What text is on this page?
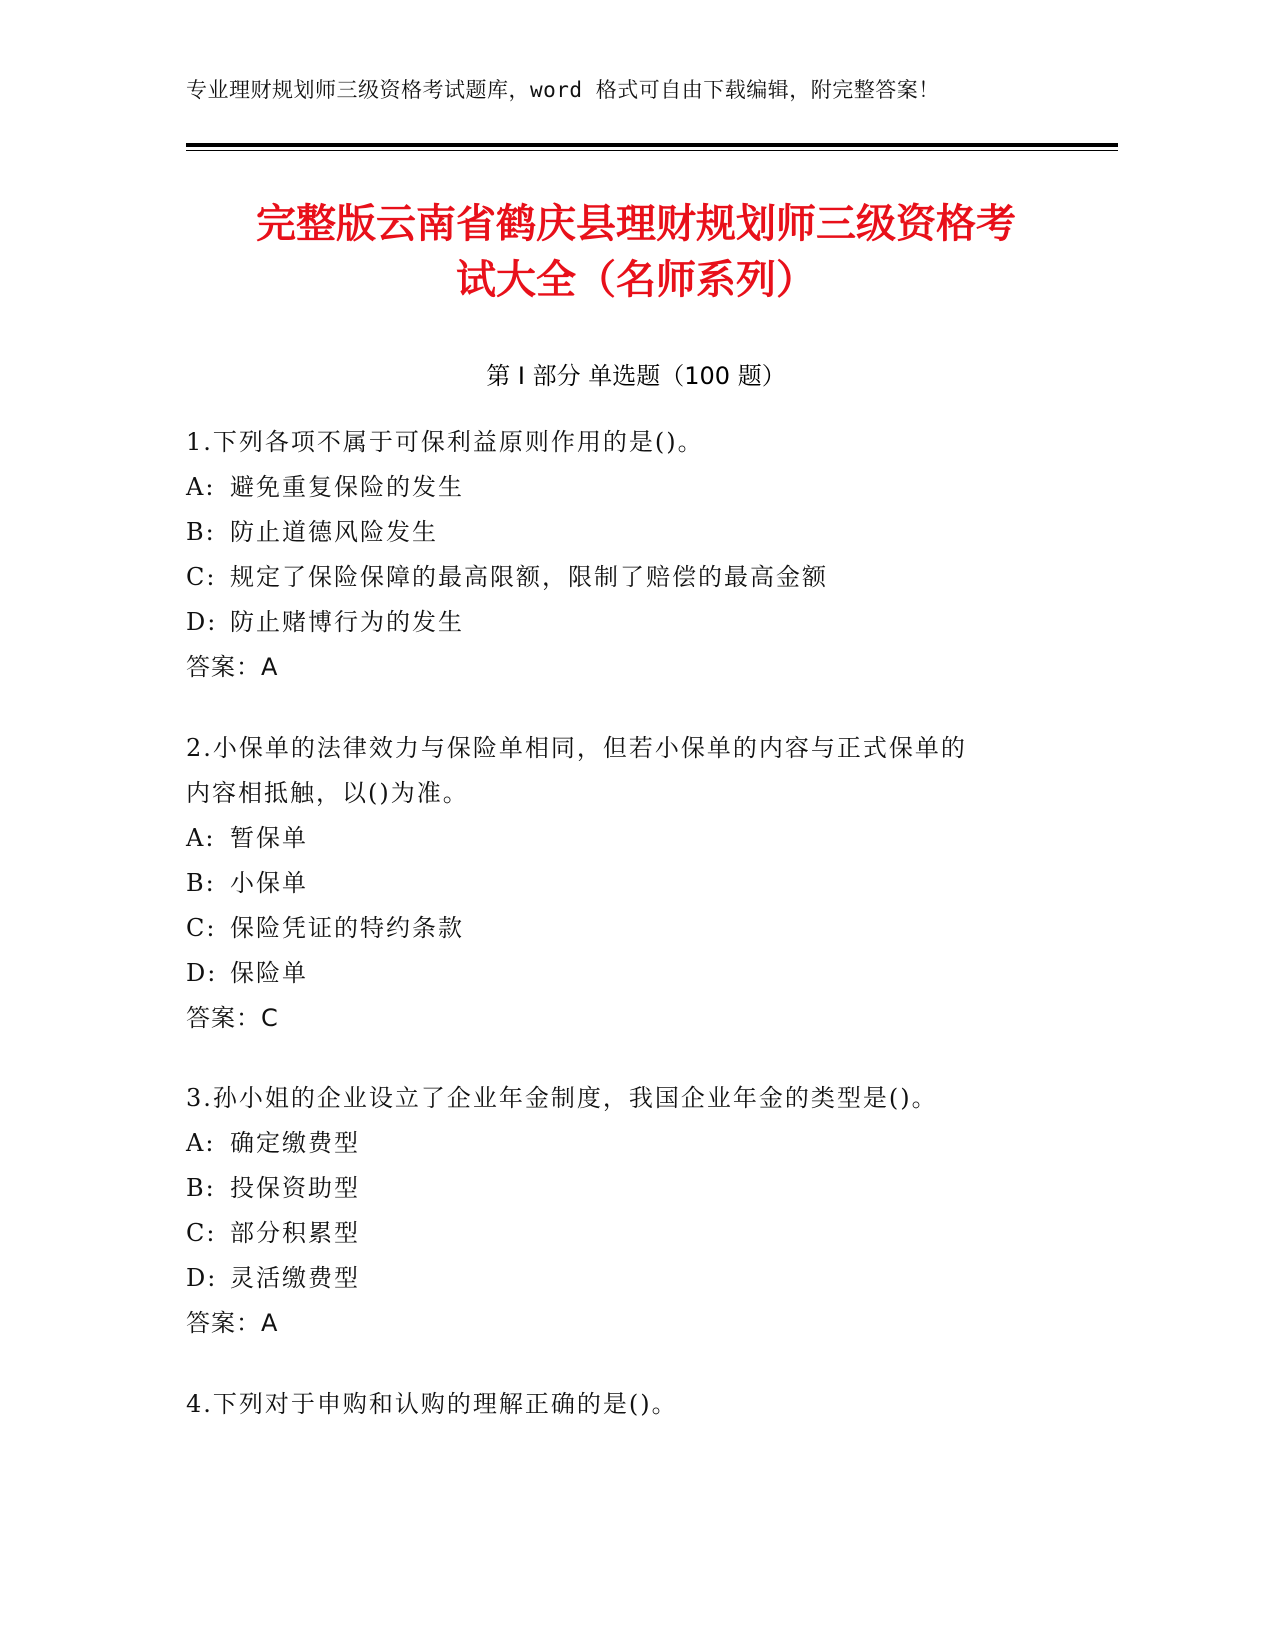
专业理财规划师三级资格考试题库，word 格式可自由下载编辑，附完整答案！
完整版云南省鹤庆县理财规划师三级资格考
试大全（名师系列）
第 I 部分 单选题（100 题）
1.下列各项不属于可保利益原则作用的是()。
A: 避免重复保险的发生
B: 防止道德风险发生
C: 规定了保险保障的最高限额，限制了赔偿的最高金额
D: 防止赌博行为的发生
答案：A
2.小保单的法律效力与保险单相同，但若小保单的内容与正式保单的
内容相抵触，以()为准。
A: 暂保单
B: 小保单
C: 保险凭证的特约条款
D: 保险单
答案：C
3.孙小姐的企业设立了企业年金制度，我国企业年金的类型是()。
A: 确定缴费型
B: 投保资助型
C: 部分积累型
D: 灵活缴费型
答案：A
4.下列对于申购和认购的理解正确的是()。
